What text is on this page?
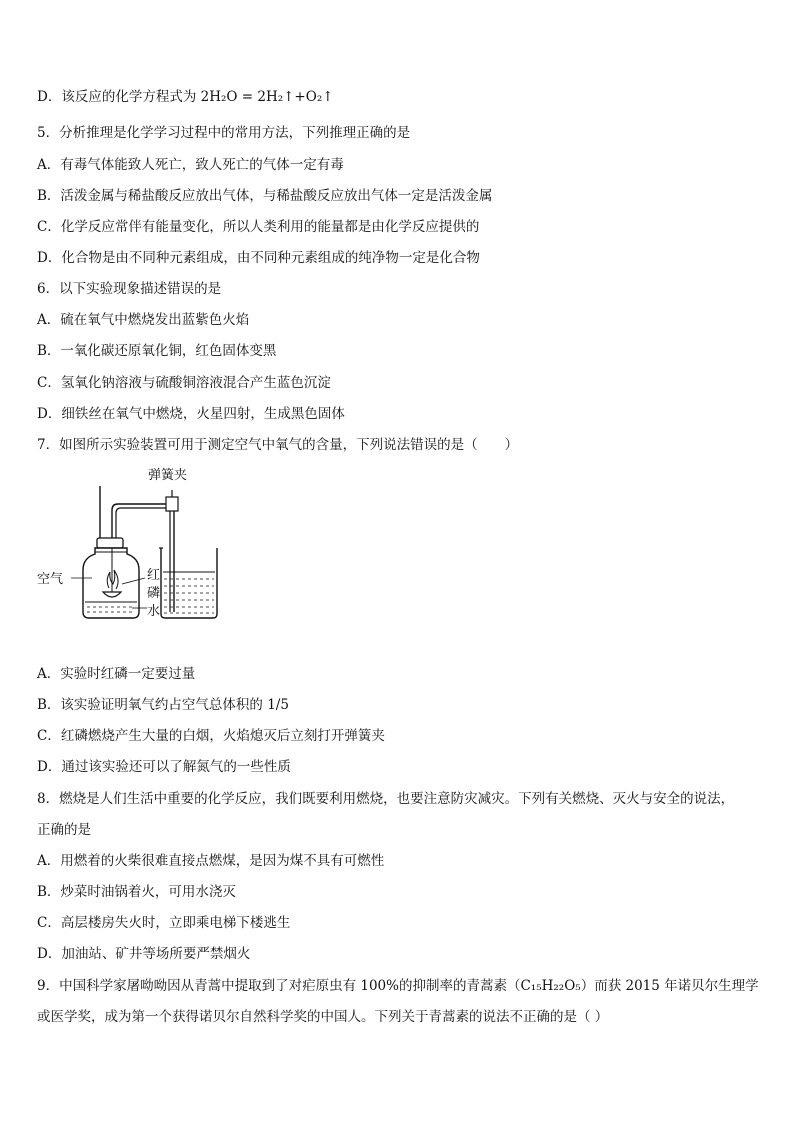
D．该反应的化学方程式为 2H₂O = 2H₂↑+O₂↑
5．分析推理是化学学习过程中的常用方法，下列推理正确的是
A．有毒气体能致人死亡，致人死亡的气体一定有毒
B．活泼金属与稀盐酸反应放出气体，与稀盐酸反应放出气体一定是活泼金属
C．化学反应常伴有能量变化，所以人类利用的能量都是由化学反应提供的
D．化合物是由不同种元素组成，由不同种元素组成的纯净物一定是化合物
6．以下实验现象描述错误的是
A．硫在氧气中燃烧发出蓝紫色火焰
B．一氧化碳还原氧化铜，红色固体变黑
C．氢氧化钠溶液与硫酸铜溶液混合产生蓝色沉淀
D．细铁丝在氧气中燃烧，火星四射，生成黑色固体
7．如图所示实验装置可用于测定空气中氧气的含量，下列说法错误的是（　　）
弹簧夹
空气	红
磷
水
A．实验时红磷一定要过量
B．该实验证明氧气约占空气总体积的 1/5
C．红磷燃烧产生大量的白烟，火焰熄灭后立刻打开弹簧夹
D．通过该实验还可以了解氮气的一些性质
8．燃烧是人们生活中重要的化学反应，我们既要利用燃烧，也要注意防灾减灾。下列有关燃烧、灭火与安全的说法，
正确的是
A．用燃着的火柴很难直接点燃煤，是因为煤不具有可燃性
B．炒菜时油锅着火，可用水浇灭
C．高层楼房失火时，立即乘电梯下楼逃生
D．加油站、矿井等场所要严禁烟火
9．中国科学家屠呦呦因从青蒿中提取到了对疟原虫有 100%的抑制率的青蒿素（C₁₅H₂₂O₅）而获 2015 年诺贝尔生理学
或医学奖，成为第一个获得诺贝尔自然科学奖的中国人。下列关于青蒿素的说法不正确的是（ ）
